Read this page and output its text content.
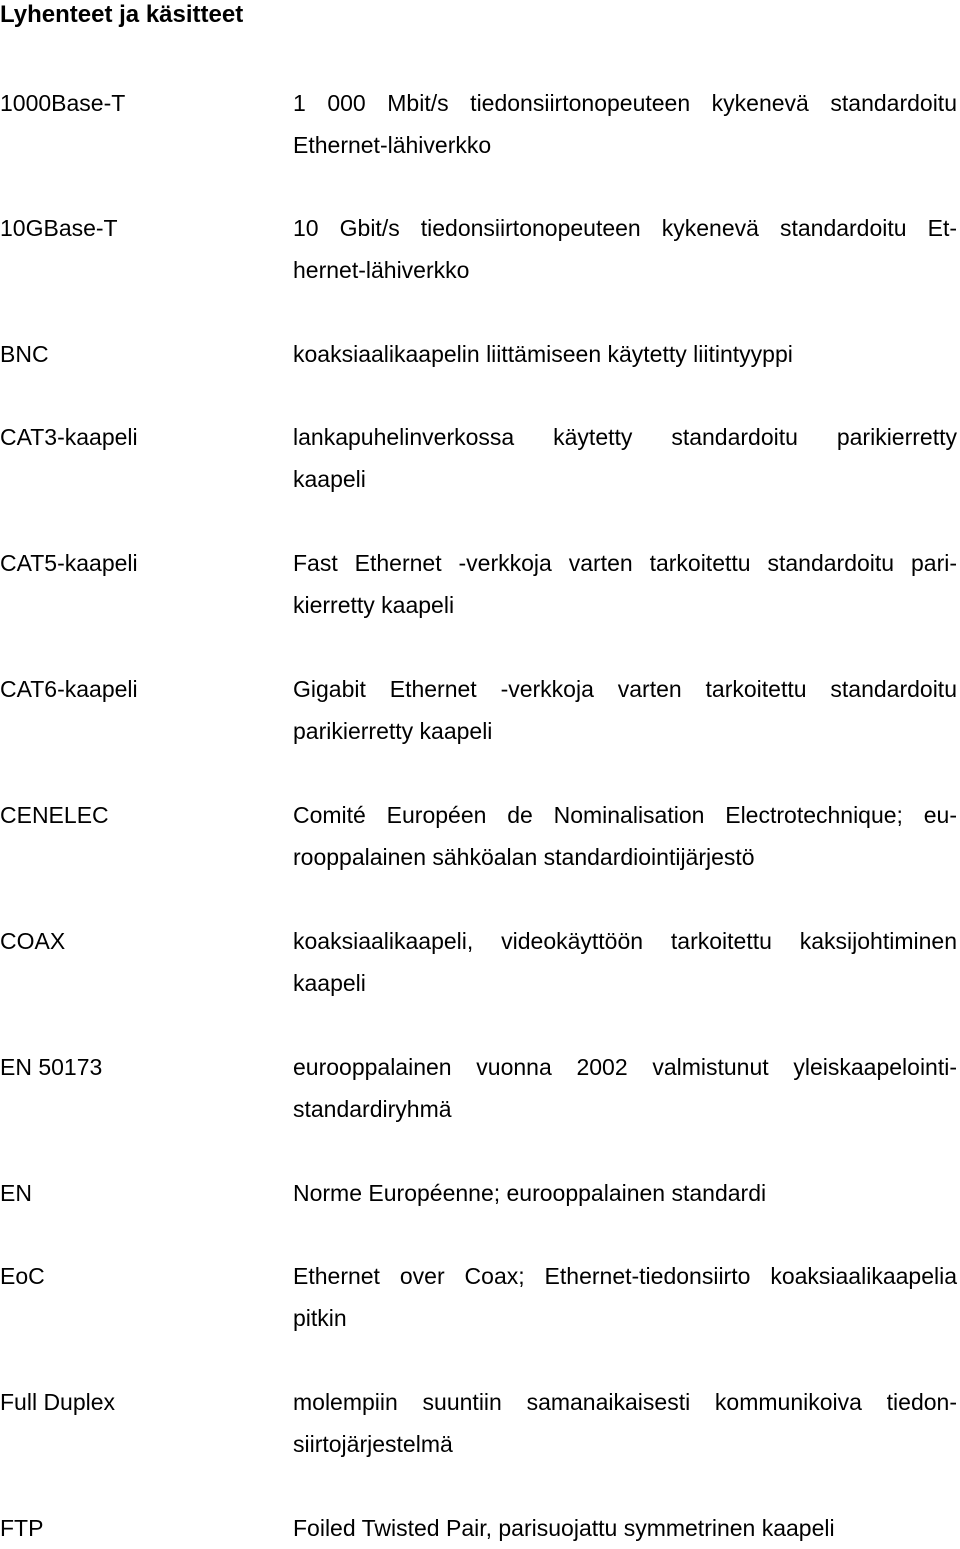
Lyhenteet ja käsitteet
1000Base-T	1 000 Mbit/s tiedonsiirtonopeuteen kykenevä standardoitu
Ethernet-lähiverkko
10GBase-T	10 Gbit/s tiedonsiirtonopeuteen kykenevä standardoitu Et-
hernet-lähiverkko
BNC	koaksiaalikaapelin liittämiseen käytetty liitintyyppi
CAT3-kaapeli	lankapuhelinverkossa käytetty standardoitu parikierretty
kaapeli
CAT5-kaapeli	Fast Ethernet -verkkoja varten tarkoitettu standardoitu pari-
kierretty kaapeli
CAT6-kaapeli	Gigabit Ethernet -verkkoja varten tarkoitettu standardoitu
parikierretty kaapeli
CENELEC	Comité Européen de Nominalisation Electrotechnique; eu-
rooppalainen sähköalan standardiointijärjestö
COAX	koaksiaalikaapeli, videokäyttöön tarkoitettu kaksijohtiminen
kaapeli
EN 50173	eurooppalainen vuonna 2002 valmistunut yleiskaapelointi-
standardiryhmä
EN	Norme Européenne; eurooppalainen standardi
EoC	Ethernet over Coax; Ethernet-tiedonsiirto koaksiaalikaapelia
pitkin
Full Duplex	molempiin suuntiin samanaikaisesti kommunikoiva tiedon-
siirtojärjestelmä
FTP	Foiled Twisted Pair, parisuojattu symmetrinen kaapeli
